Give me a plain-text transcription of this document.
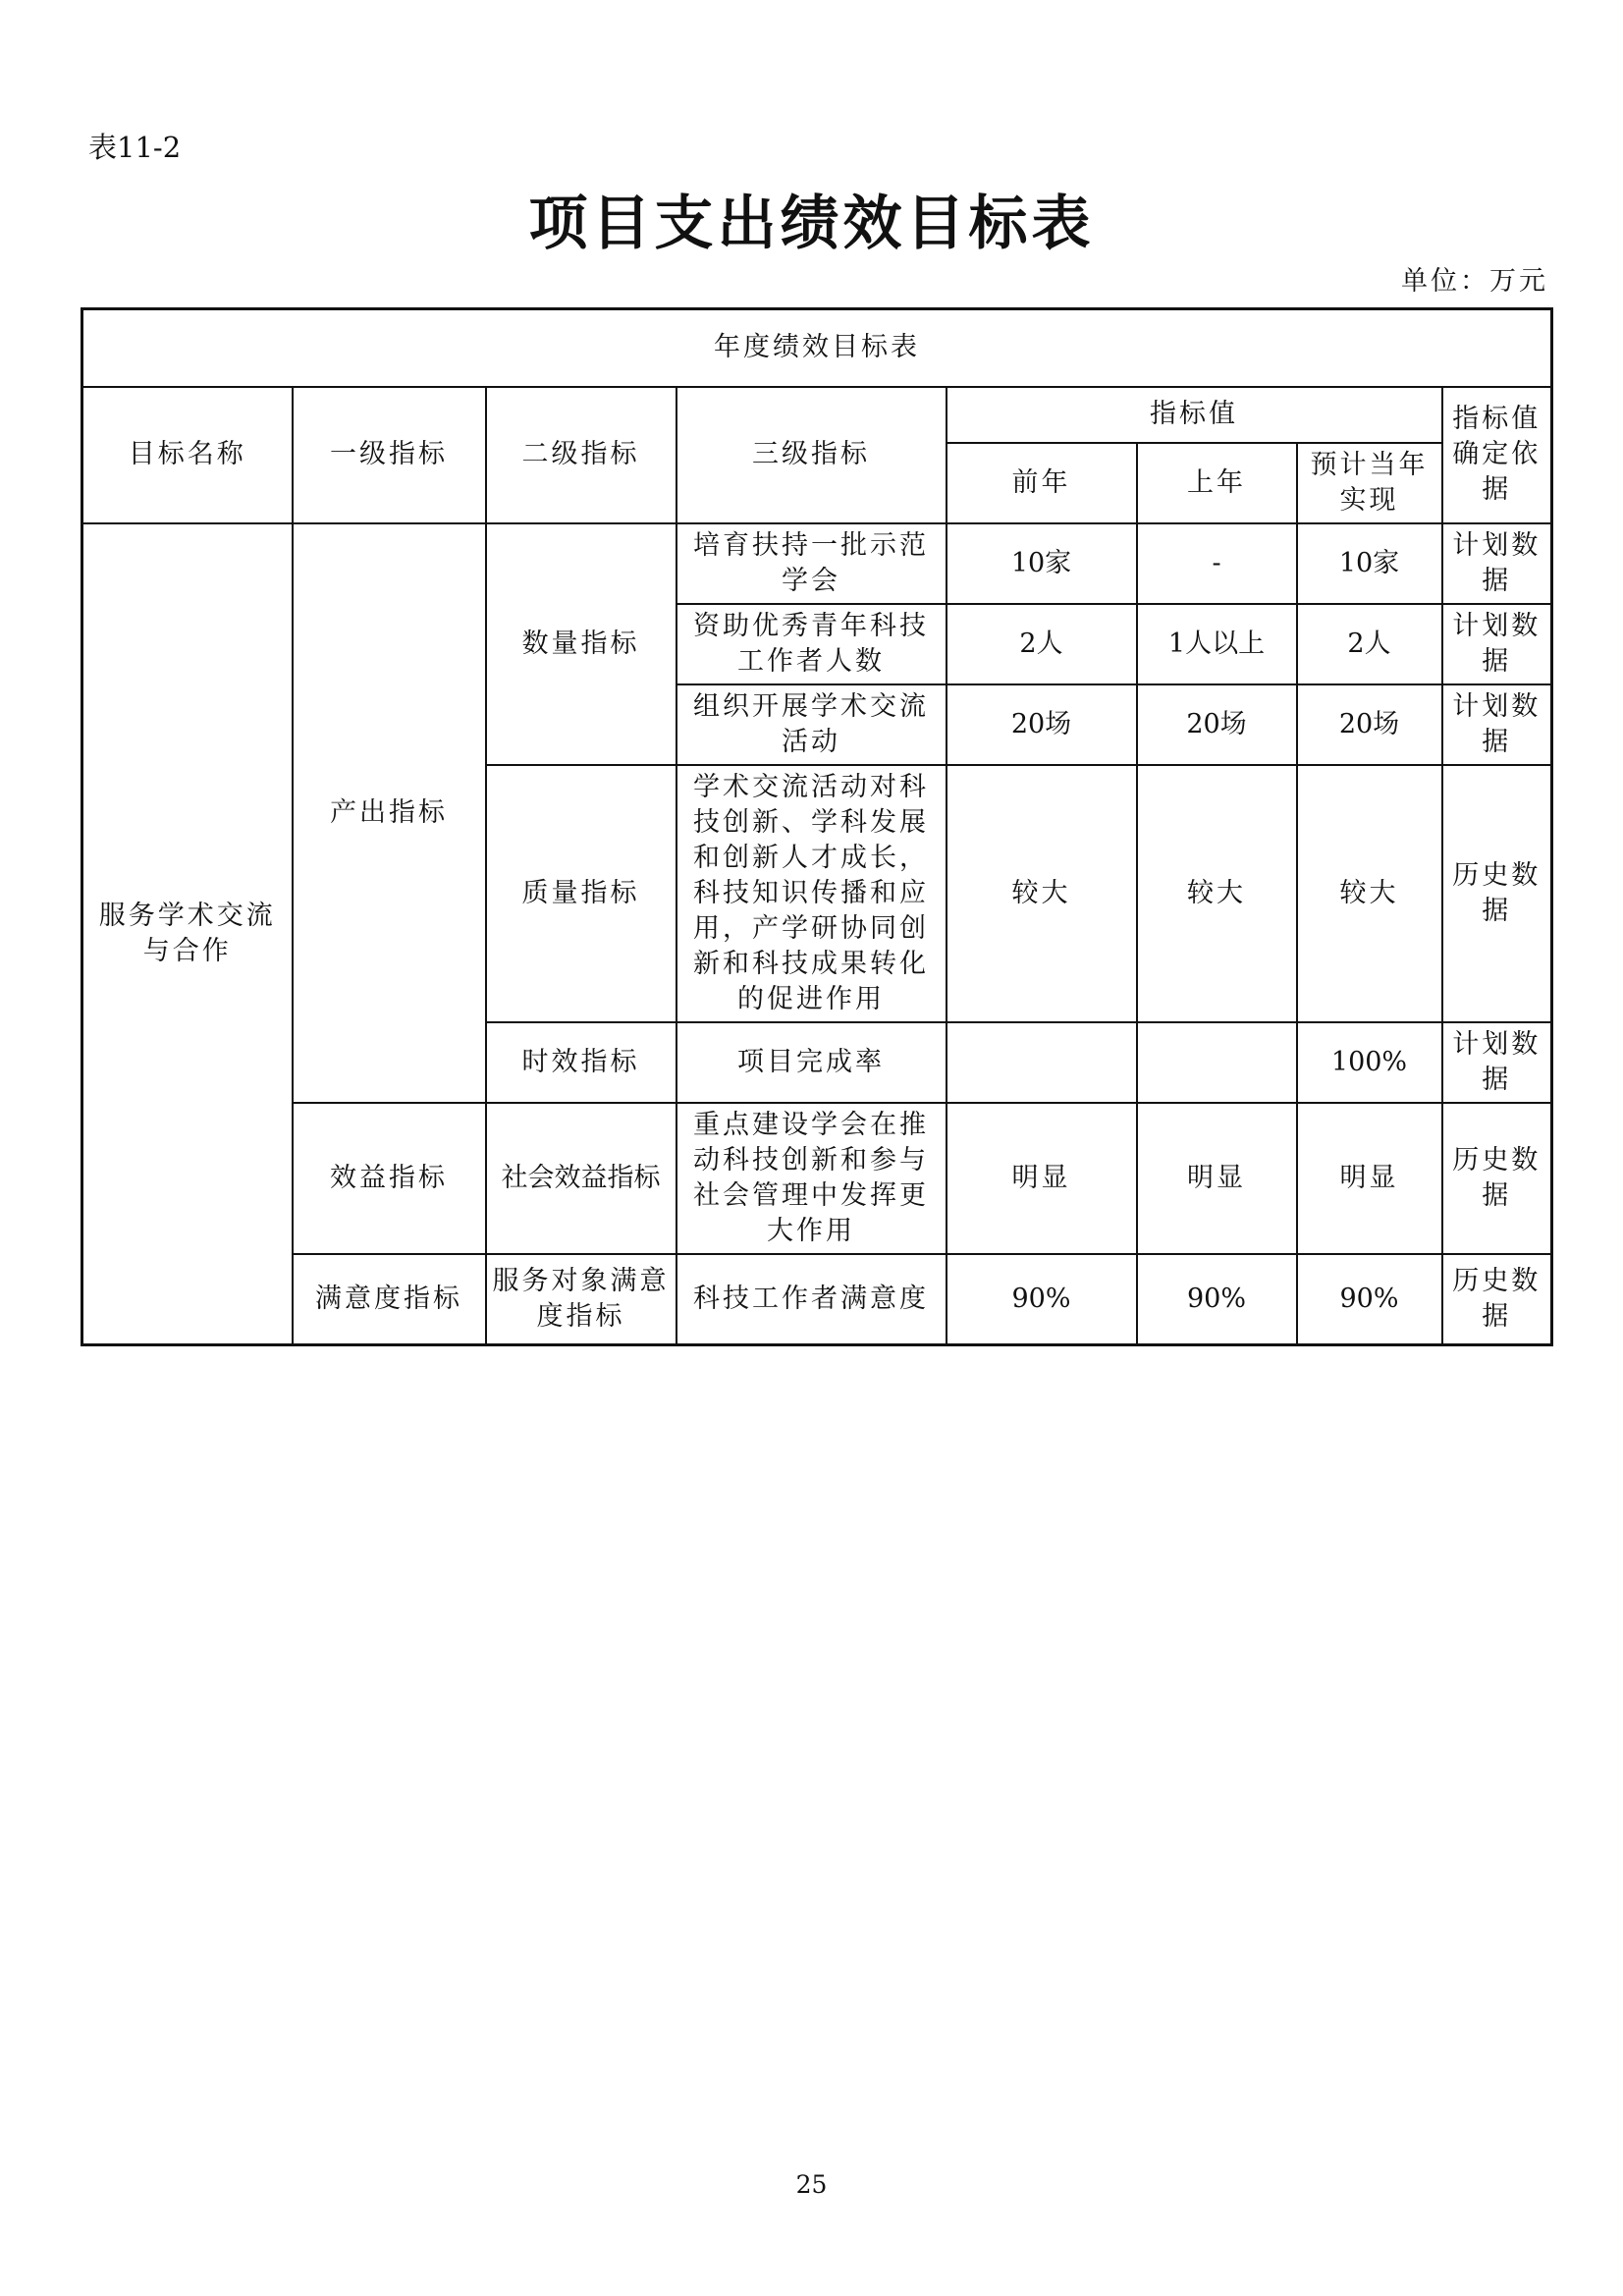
表11-2
项目支出绩效目标表
单位：万元
年度绩效目标表							
目标名称	一级指标	二级指标	三级指标	指标值			指标值确定依据
				前年	上年	预计当年实现	
服务学术交流与合作	产出指标	数量指标	培育扶持一批示范学会	10家	-	10家	计划数据
			资助优秀青年科技工作者人数	2人	1人以上	2人	计划数据
			组织开展学术交流活动	20场	20场	20场	计划数据
		质量指标	学术交流活动对科技创新、学科发展和创新人才成长，科技知识传播和应用，产学研协同创新和科技成果转化的促进作用	较大	较大	较大	历史数据
		时效指标	项目完成率			100%	计划数据
	效益指标	社会效益指标	重点建设学会在推动科技创新和参与社会管理中发挥更大作用	明显	明显	明显	历史数据
	满意度指标	服务对象满意度指标	科技工作者满意度	90%	90%	90%	历史数据
25
